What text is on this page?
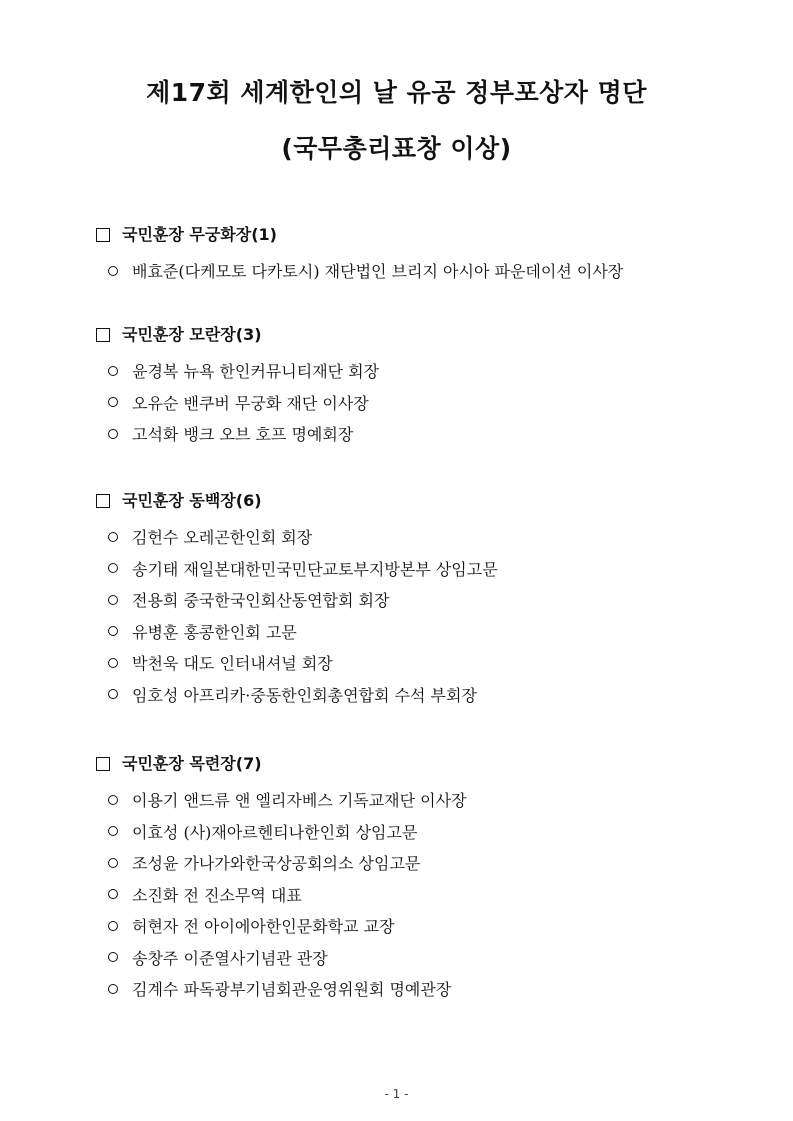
제17회 세계한인의 날 유공 정부포상자 명단
(국무총리표창 이상)
국민훈장 무궁화장(1)
배효준(다케모토 다카토시) 재단법인 브리지 아시아 파운데이션 이사장
국민훈장 모란장(3)
윤경복 뉴욕 한인커뮤니티재단 회장
오유순 밴쿠버 무궁화 재단 이사장
고석화 뱅크 오브 호프 명예회장
국민훈장 동백장(6)
김헌수 오레곤한인회 회장
송기태 재일본대한민국민단교토부지방본부 상임고문
전용희 중국한국인회산동연합회 회장
유병훈 홍콩한인회 고문
박천욱 대도 인터내셔널 회장
임호성 아프리카·중동한인회총연합회 수석 부회장
국민훈장 목련장(7)
이용기 앤드류 앤 엘리자베스 기독교재단 이사장
이효성 (사)재아르헨티나한인회 상임고문
조성윤 가나가와한국상공회의소 상임고문
소진화 전 진소무역 대표
허현자 전 아이에아한인문화학교 교장
송창주 이준열사기념관 관장
김계수 파독광부기념회관운영위원회 명예관장
- 1 -
